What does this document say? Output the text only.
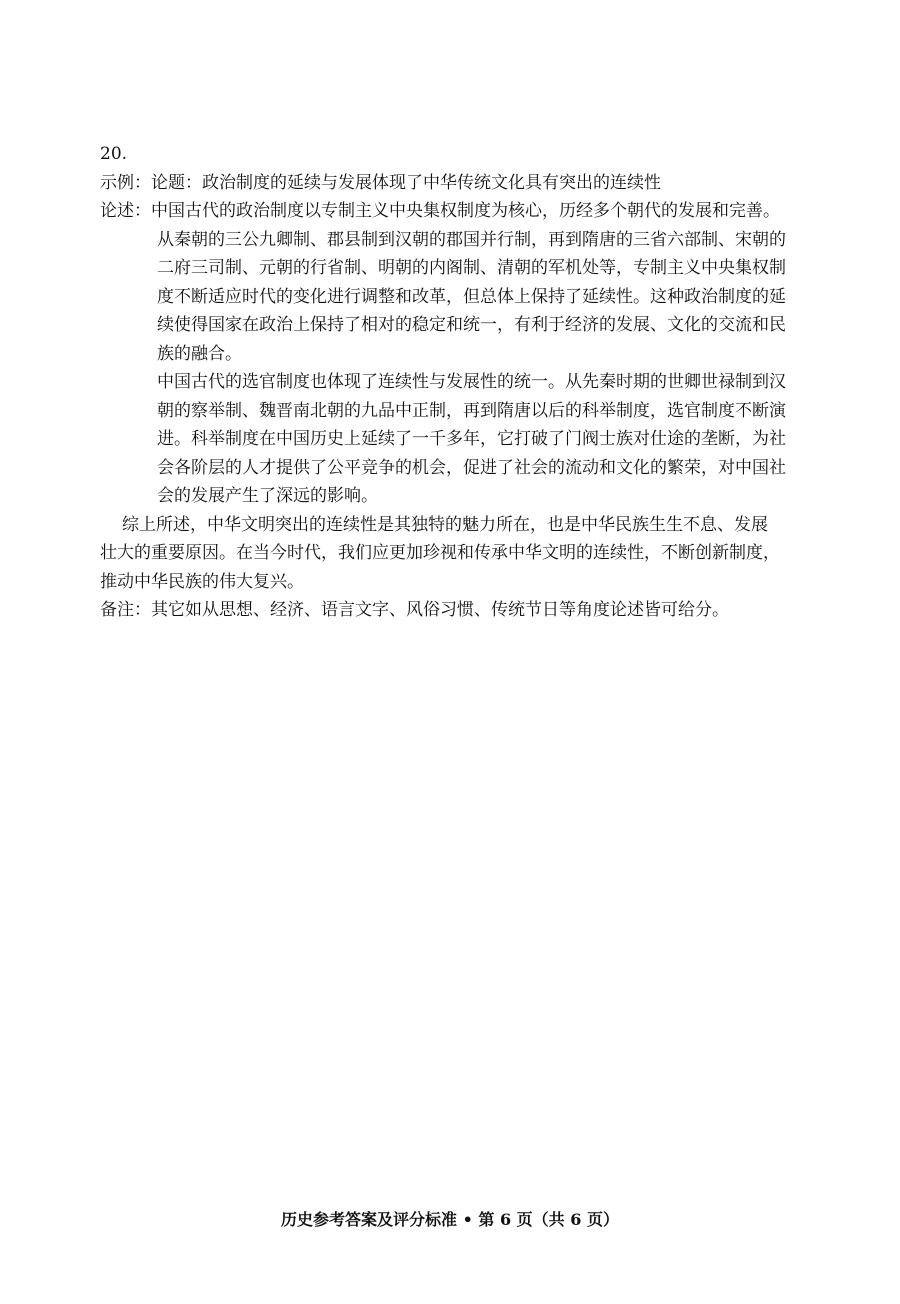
20.

示例： 论题：政治制度的延续与发展体现了中华传统文化具有突出的连续性
论述： 中国古代的政治制度以专制主义中央集权制度为核心，历经多个朝代的发展和完善。

从秦朝的三公九卿制、郡县制到汉朝的郡国并行制，再到隋唐的三省六部制、宋朝的

二府三司制、元朝的行省制、明朝的内阁制、清朝的军机处等，专制主义中央集权制

度不断适应时代的变化进行调整和改革，但总体上保持了延续性。这种政治制度的延

续使得国家在政治上保持了相对的稳定和统一，有利于经济的发展、文化的交流和民

族的融合。

中国古代的选官制度也体现了连续性与发展性的统一。从先秦时期的世卿世禄制到汉

朝的察举制、魏晋南北朝的九品中正制，再到隋唐以后的科举制度，选官制度不断演

进。科举制度在中国历史上延续了一千多年，它打破了门阀士族对仕途的垄断，为社

会各阶层的人才提供了公平竞争的机会，促进了社会的流动和文化的繁荣，对中国社

会的发展产生了深远的影响。

综上所述，中华文明突出的连续性是其独特的魅力所在，也是中华民族生生不息、发展

壮大的重要原因。在当今时代，我们应更加珍视和传承中华文明的连续性，不断创新制度，

推动中华民族的伟大复兴。

备注：其它如从思想、经济、语言文字、风俗习惯、传统节日等角度论述皆可给分。

历史参考答案及评分标准 • 第 6 页（共 6 页）
